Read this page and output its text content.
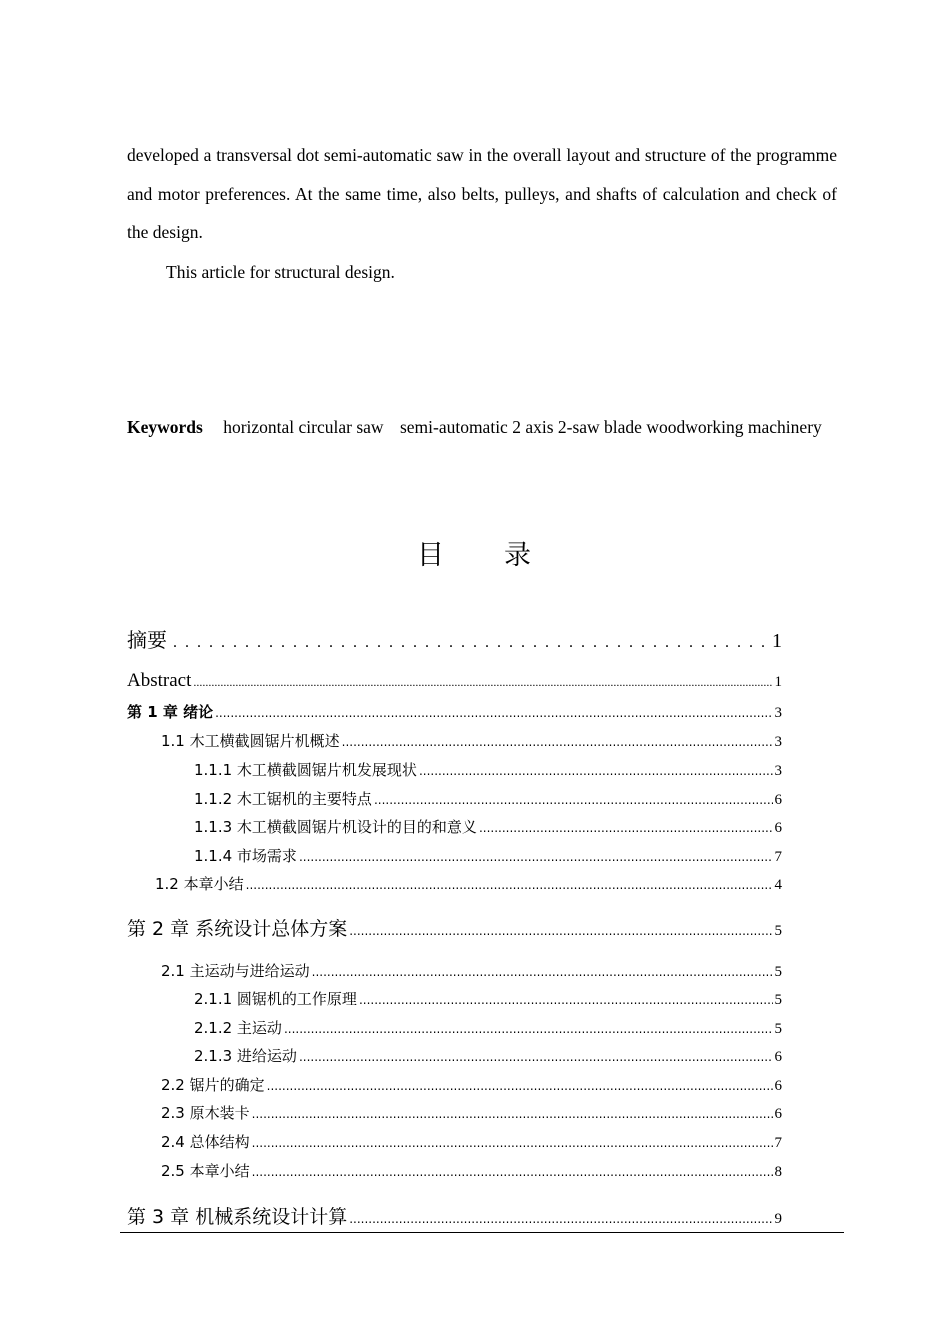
developed a transversal dot semi-automatic saw in the overall layout and structure of the programme and motor preferences. At the same time, also belts, pulleys, and shafts of calculation and check of the design.
This article for structural design.
Keywords horizontal circular saw semi-automatic 2 axis 2-saw blade woodworking machinery
目 录
摘要 . .	1
Abstract .....	1
第 1 章 绪论 .....	3
1.1 木工横截圆锯片机概述 .....	3
1.1.1 木工横截圆锯片机发展现状 .....	3
1.1.2 木工锯机的主要特点 .....	6
1.1.3 木工横截圆锯片机设计的目的和意义 .....	6
1.1.4 市场需求 .....	7
1.2 本章小结 .....	4
第 2 章 系统设计总体方案 .....	5
2.1 主运动与进给运动 .....	5
2.1.1 圆锯机的工作原理 .....	5
2.1.2 主运动 .....	5
2.1.3 进给运动 .....	6
2.2 锯片的确定 .....	6
2.3 原木装卡 .....	6
2.4 总体结构 .....	7
2.5 本章小结 .....	8
第 3 章 机械系统设计计算 .....	9
